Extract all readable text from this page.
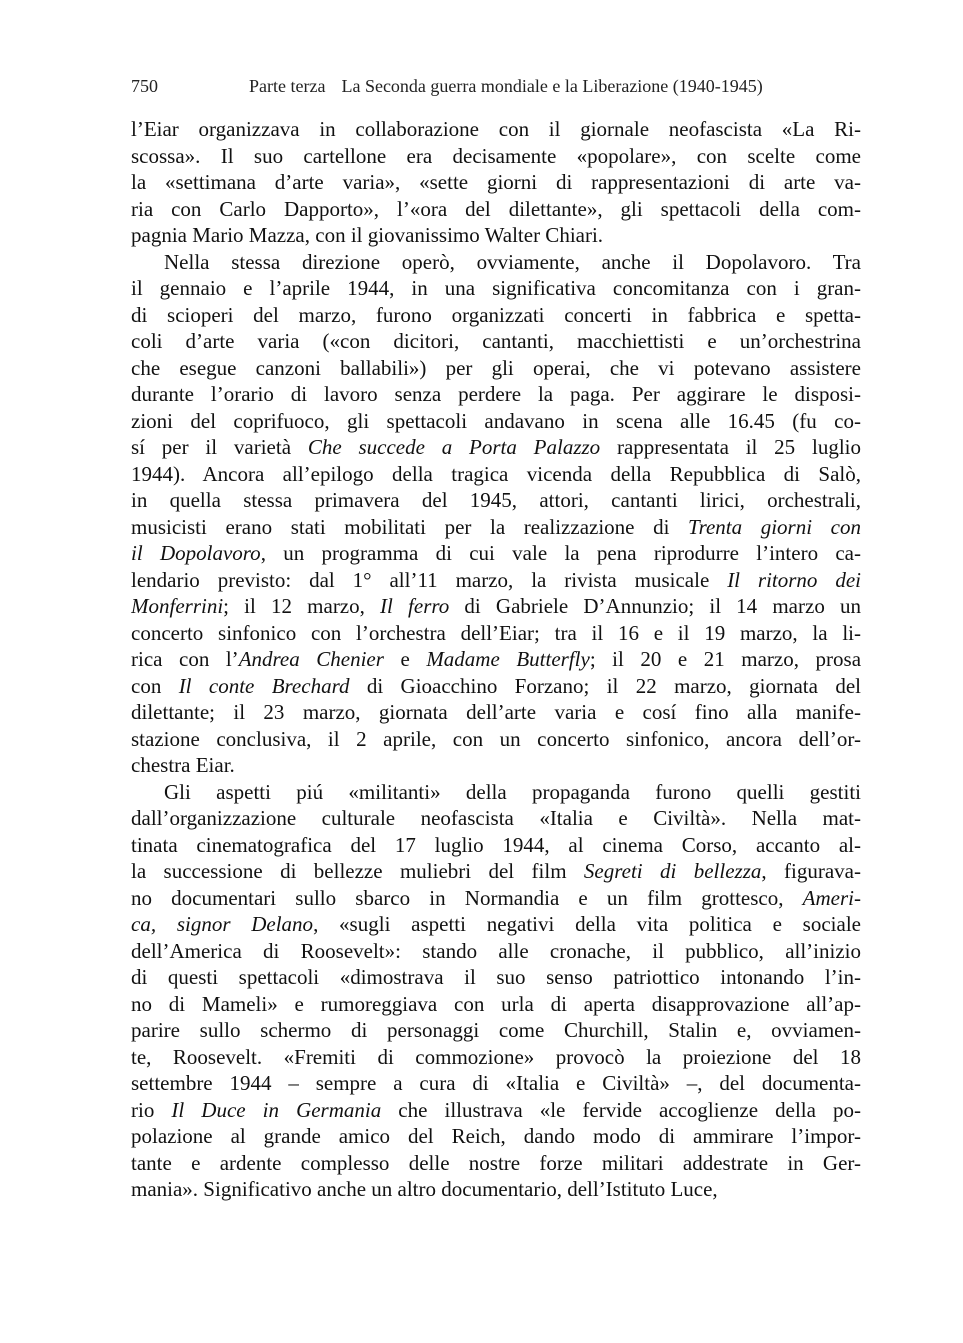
750	Parte terza La Seconda guerra mondiale e la Liberazione (1940-1945)
l’Eiar organizzava in collaborazione con il giornale neofascista «La Ri-
scossa». Il suo cartellone era decisamente «popolare», con scelte come
la «settimana d’arte varia», «sette giorni di rappresentazioni di arte va-
ria con Carlo Dapporto», l’«ora del dilettante», gli spettacoli della com-
pagnia Mario Mazza, con il giovanissimo Walter Chiari.
Nella stessa direzione operò, ovviamente, anche il Dopolavoro. Tra
il gennaio e l’aprile 1944, in una significativa concomitanza con i gran-
di scioperi del marzo, furono organizzati concerti in fabbrica e spetta-
coli d’arte varia («con dicitori, cantanti, macchiettisti e un’orchestrina
che esegue canzoni ballabili») per gli operai, che vi potevano assistere
durante l’orario di lavoro senza perdere la paga. Per aggirare le disposi-
zioni del coprifuoco, gli spettacoli andavano in scena alle 16.45 (fu co-
sí per il varietà Che succede a Porta Palazzo rappresentata il 25 luglio
1944). Ancora all’epilogo della tragica vicenda della Repubblica di Salò,
in quella stessa primavera del 1945, attori, cantanti lirici, orchestrali,
musicisti erano stati mobilitati per la realizzazione di Trenta giorni con
il Dopolavoro, un programma di cui vale la pena riprodurre l’intero ca-
lendario previsto: dal 1° all’11 marzo, la rivista musicale Il ritorno dei
Monferrini; il 12 marzo, Il ferro di Gabriele D’Annunzio; il 14 marzo un
concerto sinfonico con l’orchestra dell’Eiar; tra il 16 e il 19 marzo, la li-
rica con l’Andrea Chenier e Madame Butterfly; il 20 e 21 marzo, prosa
con Il conte Brechard di Gioacchino Forzano; il 22 marzo, giornata del
dilettante; il 23 marzo, giornata dell’arte varia e cosí fino alla manife-
stazione conclusiva, il 2 aprile, con un concerto sinfonico, ancora dell’or-
chestra Eiar.
Gli aspetti piú «militanti» della propaganda furono quelli gestiti
dall’organizzazione culturale neofascista «Italia e Civiltà». Nella mat-
tinata cinematografica del 17 luglio 1944, al cinema Corso, accanto al-
la successione di bellezze muliebri del film Segreti di bellezza, figurava-
no documentari sullo sbarco in Normandia e un film grottesco, Ameri-
ca, signor Delano, «sugli aspetti negativi della vita politica e sociale
dell’America di Roosevelt»: stando alle cronache, il pubblico, all’inizio
di questi spettacoli «dimostrava il suo senso patriottico intonando l’in-
no di Mameli» e rumoreggiava con urla di aperta disapprovazione all’ap-
parire sullo schermo di personaggi come Churchill, Stalin e, ovviamen-
te, Roosevelt. «Fremiti di commozione» provocò la proiezione del 18
settembre 1944 – sempre a cura di «Italia e Civiltà» –, del documenta-
rio Il Duce in Germania che illustrava «le fervide accoglienze della po-
polazione al grande amico del Reich, dando modo di ammirare l’impor-
tante e ardente complesso delle nostre forze militari addestrate in Ger-
mania». Significativo anche un altro documentario, dell’Istituto Luce,
